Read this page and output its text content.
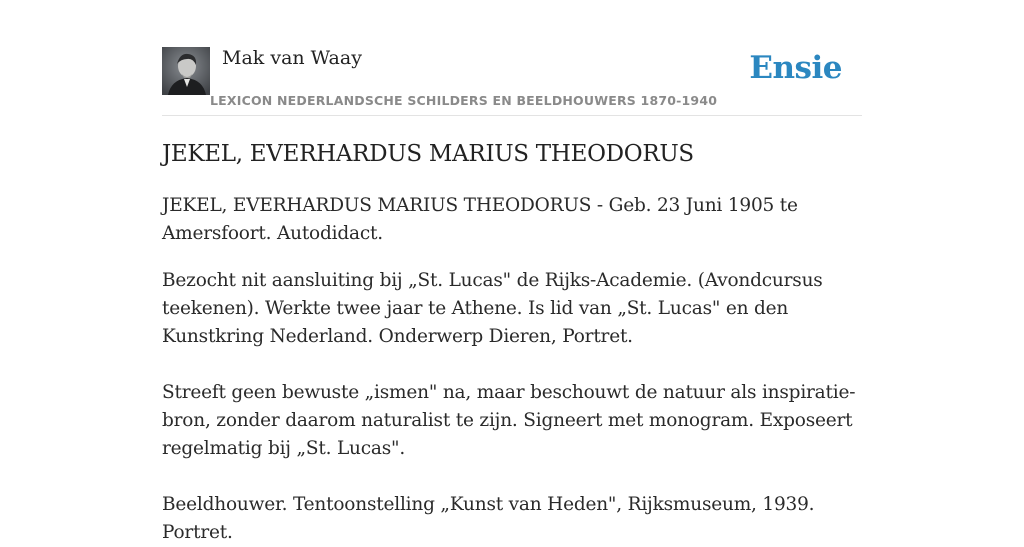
Mak van Waay
LEXICON NEDERLANDSCHE SCHILDERS EN BEELDHOUWERS 1870-1940
Ensie
JEKEL, EVERHARDUS MARIUS THEODORUS

JEKEL, EVERHARDUS MARIUS THEODORUS - Geb. 23 Juni 1905 te Amersfoort. Autodidact.

Bezocht nit aansluiting bij „St. Lucas" de Rijks-Academie. (Avondcursus teekenen). Werkte twee jaar te Athene. Is lid van „St. Lucas" en den Kunstkring Nederland. Onderwerp Dieren, Portret.

Streeft geen bewuste „ismen" na, maar beschouwt de natuur als inspiratie-bron, zonder daarom naturalist te zijn. Signeert met monogram. Exposeert regelmatig bij „St. Lucas".

Beeldhouwer. Tentoonstelling „Kunst van Heden", Rijksmuseum, 1939. Portret.
